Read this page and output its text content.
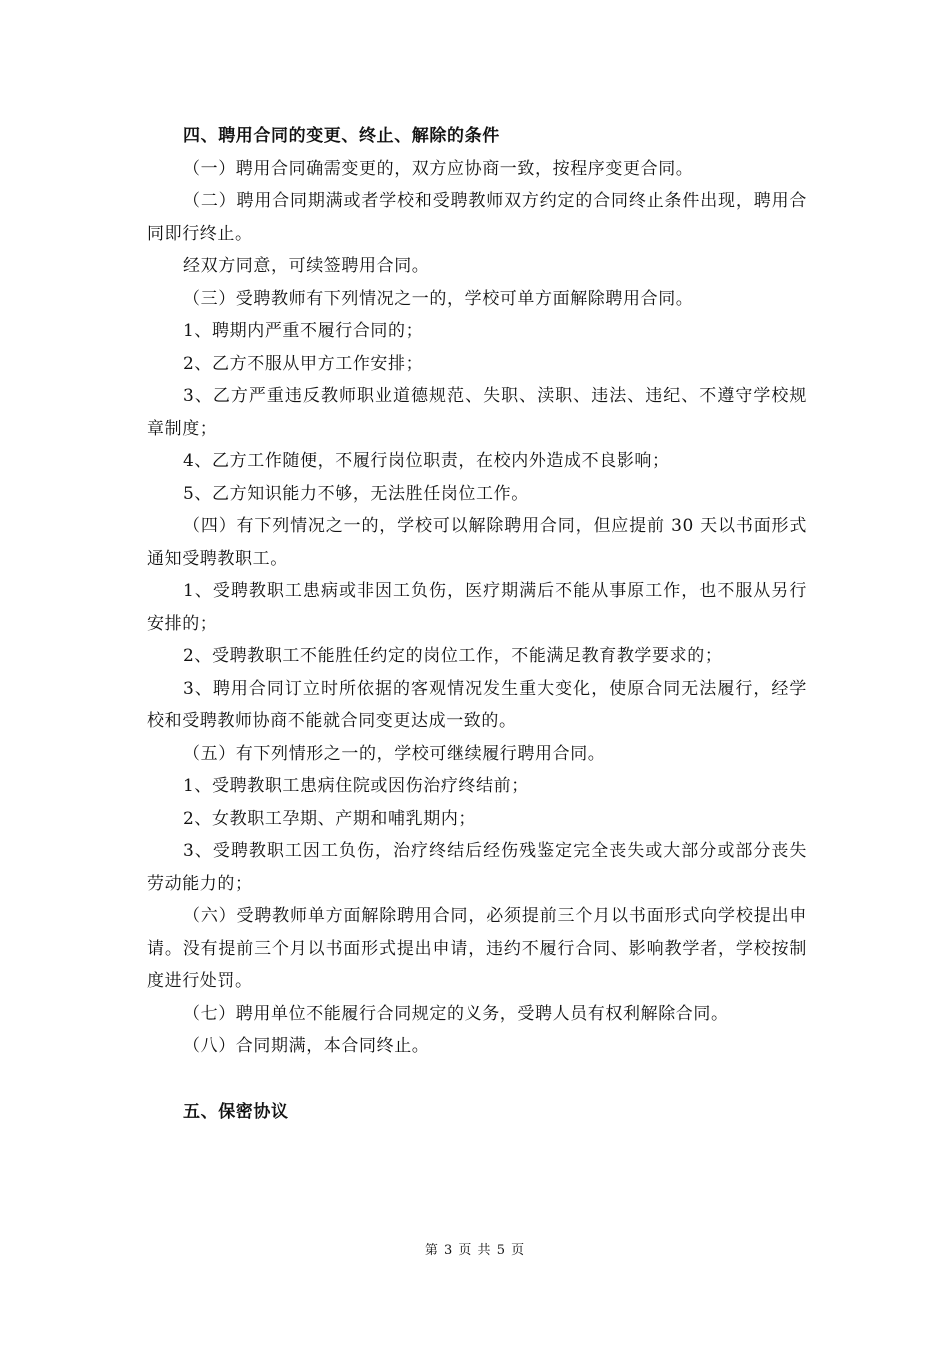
四、聘用合同的变更、终止、解除的条件

（一）聘用合同确需变更的，双方应协商一致，按程序变更合同。

（二）聘用合同期满或者学校和受聘教师双方约定的合同终止条件出现，聘用合同即行终止。

经双方同意，可续签聘用合同。

（三）受聘教师有下列情况之一的，学校可单方面解除聘用合同。

1、聘期内严重不履行合同的；

2、乙方不服从甲方工作安排；

3、乙方严重违反教师职业道德规范、失职、渎职、违法、违纪、不遵守学校规章制度；

4、乙方工作随便，不履行岗位职责，在校内外造成不良影响；

5、乙方知识能力不够，无法胜任岗位工作。

（四）有下列情况之一的，学校可以解除聘用合同，但应提前 30 天以书面形式通知受聘教职工。

1、受聘教职工患病或非因工负伤，医疗期满后不能从事原工作，也不服从另行安排的；

2、受聘教职工不能胜任约定的岗位工作，不能满足教育教学要求的；

3、聘用合同订立时所依据的客观情况发生重大变化，使原合同无法履行，经学校和受聘教师协商不能就合同变更达成一致的。

（五）有下列情形之一的，学校可继续履行聘用合同。

1、受聘教职工患病住院或因伤治疗终结前；

2、女教职工孕期、产期和哺乳期内；

3、受聘教职工因工负伤，治疗终结后经伤残鉴定完全丧失或大部分或部分丧失劳动能力的；

（六）受聘教师单方面解除聘用合同，必须提前三个月以书面形式向学校提出申请。没有提前三个月以书面形式提出申请，违约不履行合同、影响教学者，学校按制度进行处罚。

（七）聘用单位不能履行合同规定的义务，受聘人员有权利解除合同。

（八）合同期满，本合同终止。

五、保密协议

第 3 页 共 5 页
